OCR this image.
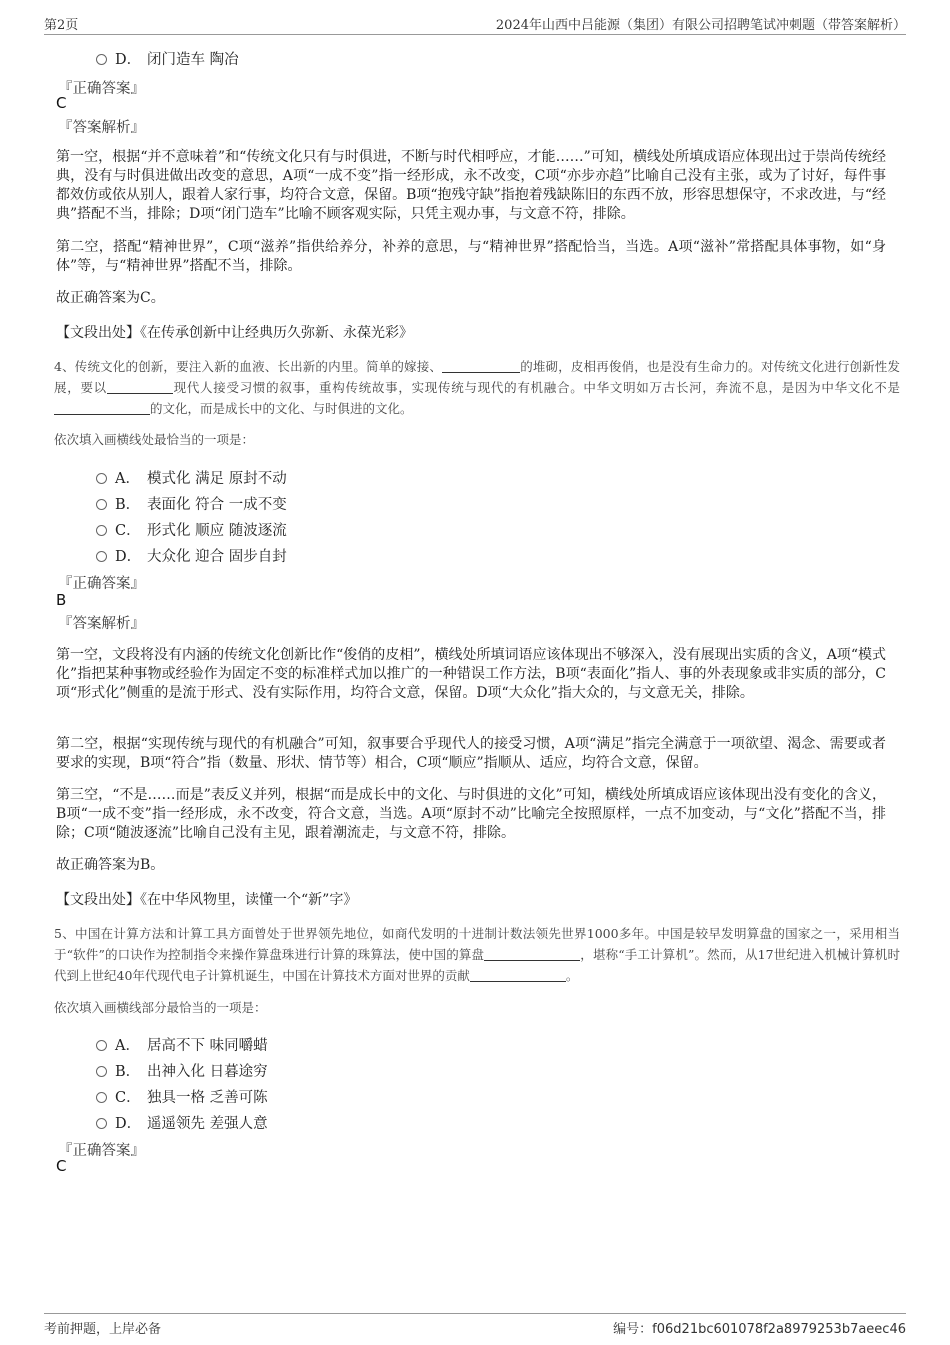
第2页	2024年山西中吕能源（集团）有限公司招聘笔试冲刺题（带答案解析）
D． 闭门造车 陶冶
『正确答案』
C
『答案解析』
第一空，根据“并不意味着”和“传统文化只有与时俱进，不断与时代相呼应，才能……”可知，横线处所填成语应体现出过于崇尚传统经典，没有与时俱进做出改变的意思，A项“一成不变”指一经形成，永不改变，C项“亦步亦趋”比喻自己没有主张，或为了讨好，每件事都效仿或依从别人，跟着人家行事，均符合文意，保留。B项“抱残守缺”指抱着残缺陈旧的东西不放，形容思想保守，不求改进，与“经典”搭配不当，排除；D项“闭门造车”比喻不顾客观实际，只凭主观办事，与文意不符，排除。
第二空，搭配“精神世界”，C项“滋养”指供给养分，补养的意思，与“精神世界”搭配恰当，当选。A项“滋补”常搭配具体事物，如“身体”等，与“精神世界”搭配不当，排除。
故正确答案为C。
【文段出处】《在传承创新中让经典历久弥新、永葆光彩》
4、传统文化的创新，要注入新的血液、长出新的内里。简单的嫁接、	的堆砌，皮相再俊俏，也是没有生命力的。对传统文化进行创新性发展，要以	现代人接受习惯的叙事，重构传统故事，实现传统与现代的有机融合。中华文明如万古长河，奔流不息，是因为中华文化不是的文化，而是成长中的文化、与时俱进的文化。
依次填入画横线处最恰当的一项是：
A． 模式化 满足 原封不动
B． 表面化 符合 一成不变
C． 形式化 顺应 随波逐流
D． 大众化 迎合 固步自封
『正确答案』
B
『答案解析』
第一空，文段将没有内涵的传统文化创新比作“俊俏的皮相”，横线处所填词语应该体现出不够深入，没有展现出实质的含义，A项“模式化”指把某种事物或经验作为固定不变的标准样式加以推广的一种错误工作方法，B项“表面化”指人、事的外表现象或非实质的部分，C项“形式化”侧重的是流于形式、没有实际作用，均符合文意，保留。D项“大众化”指大众的，与文意无关，排除。
第二空，根据“实现传统与现代的有机融合”可知，叙事要合乎现代人的接受习惯，A项“满足”指完全满意于一项欲望、渴念、需要或者要求的实现，B项“符合”指（数量、形状、情节等）相合，C项“顺应”指顺从、适应，均符合文意，保留。
第三空，“不是……而是”表反义并列，根据“而是成长中的文化、与时俱进的文化”可知，横线处所填成语应该体现出没有变化的含义，B项“一成不变”指一经形成，永不改变，符合文意，当选。A项“原封不动”比喻完全按照原样，一点不加变动，与“文化”搭配不当，排除；C项“随波逐流”比喻自己没有主见，跟着潮流走，与文意不符，排除。
故正确答案为B。
【文段出处】《在中华风物里，读懂一个“新”字》
5、中国在计算方法和计算工具方面曾处于世界领先地位，如商代发明的十进制计数法领先世界1000多年。中国是较早发明算盘的国家之一，采用相当于“软件”的口诀作为控制指令来操作算盘珠进行计算的珠算法，使中国的算盘	，堪称“手工计算机”。然而，从17世纪进入机械计算机时代到上世纪40年代现代电子计算机诞生，中国在计算技术方面对世界的贡献	。
依次填入画横线部分最恰当的一项是：
A． 居高不下 味同嚼蜡
B． 出神入化 日暮途穷
C． 独具一格 乏善可陈
D． 遥遥领先 差强人意
『正确答案』
C
考前押题，上岸必备	编号：f06d21bc601078f2a8979253b7aeec46
